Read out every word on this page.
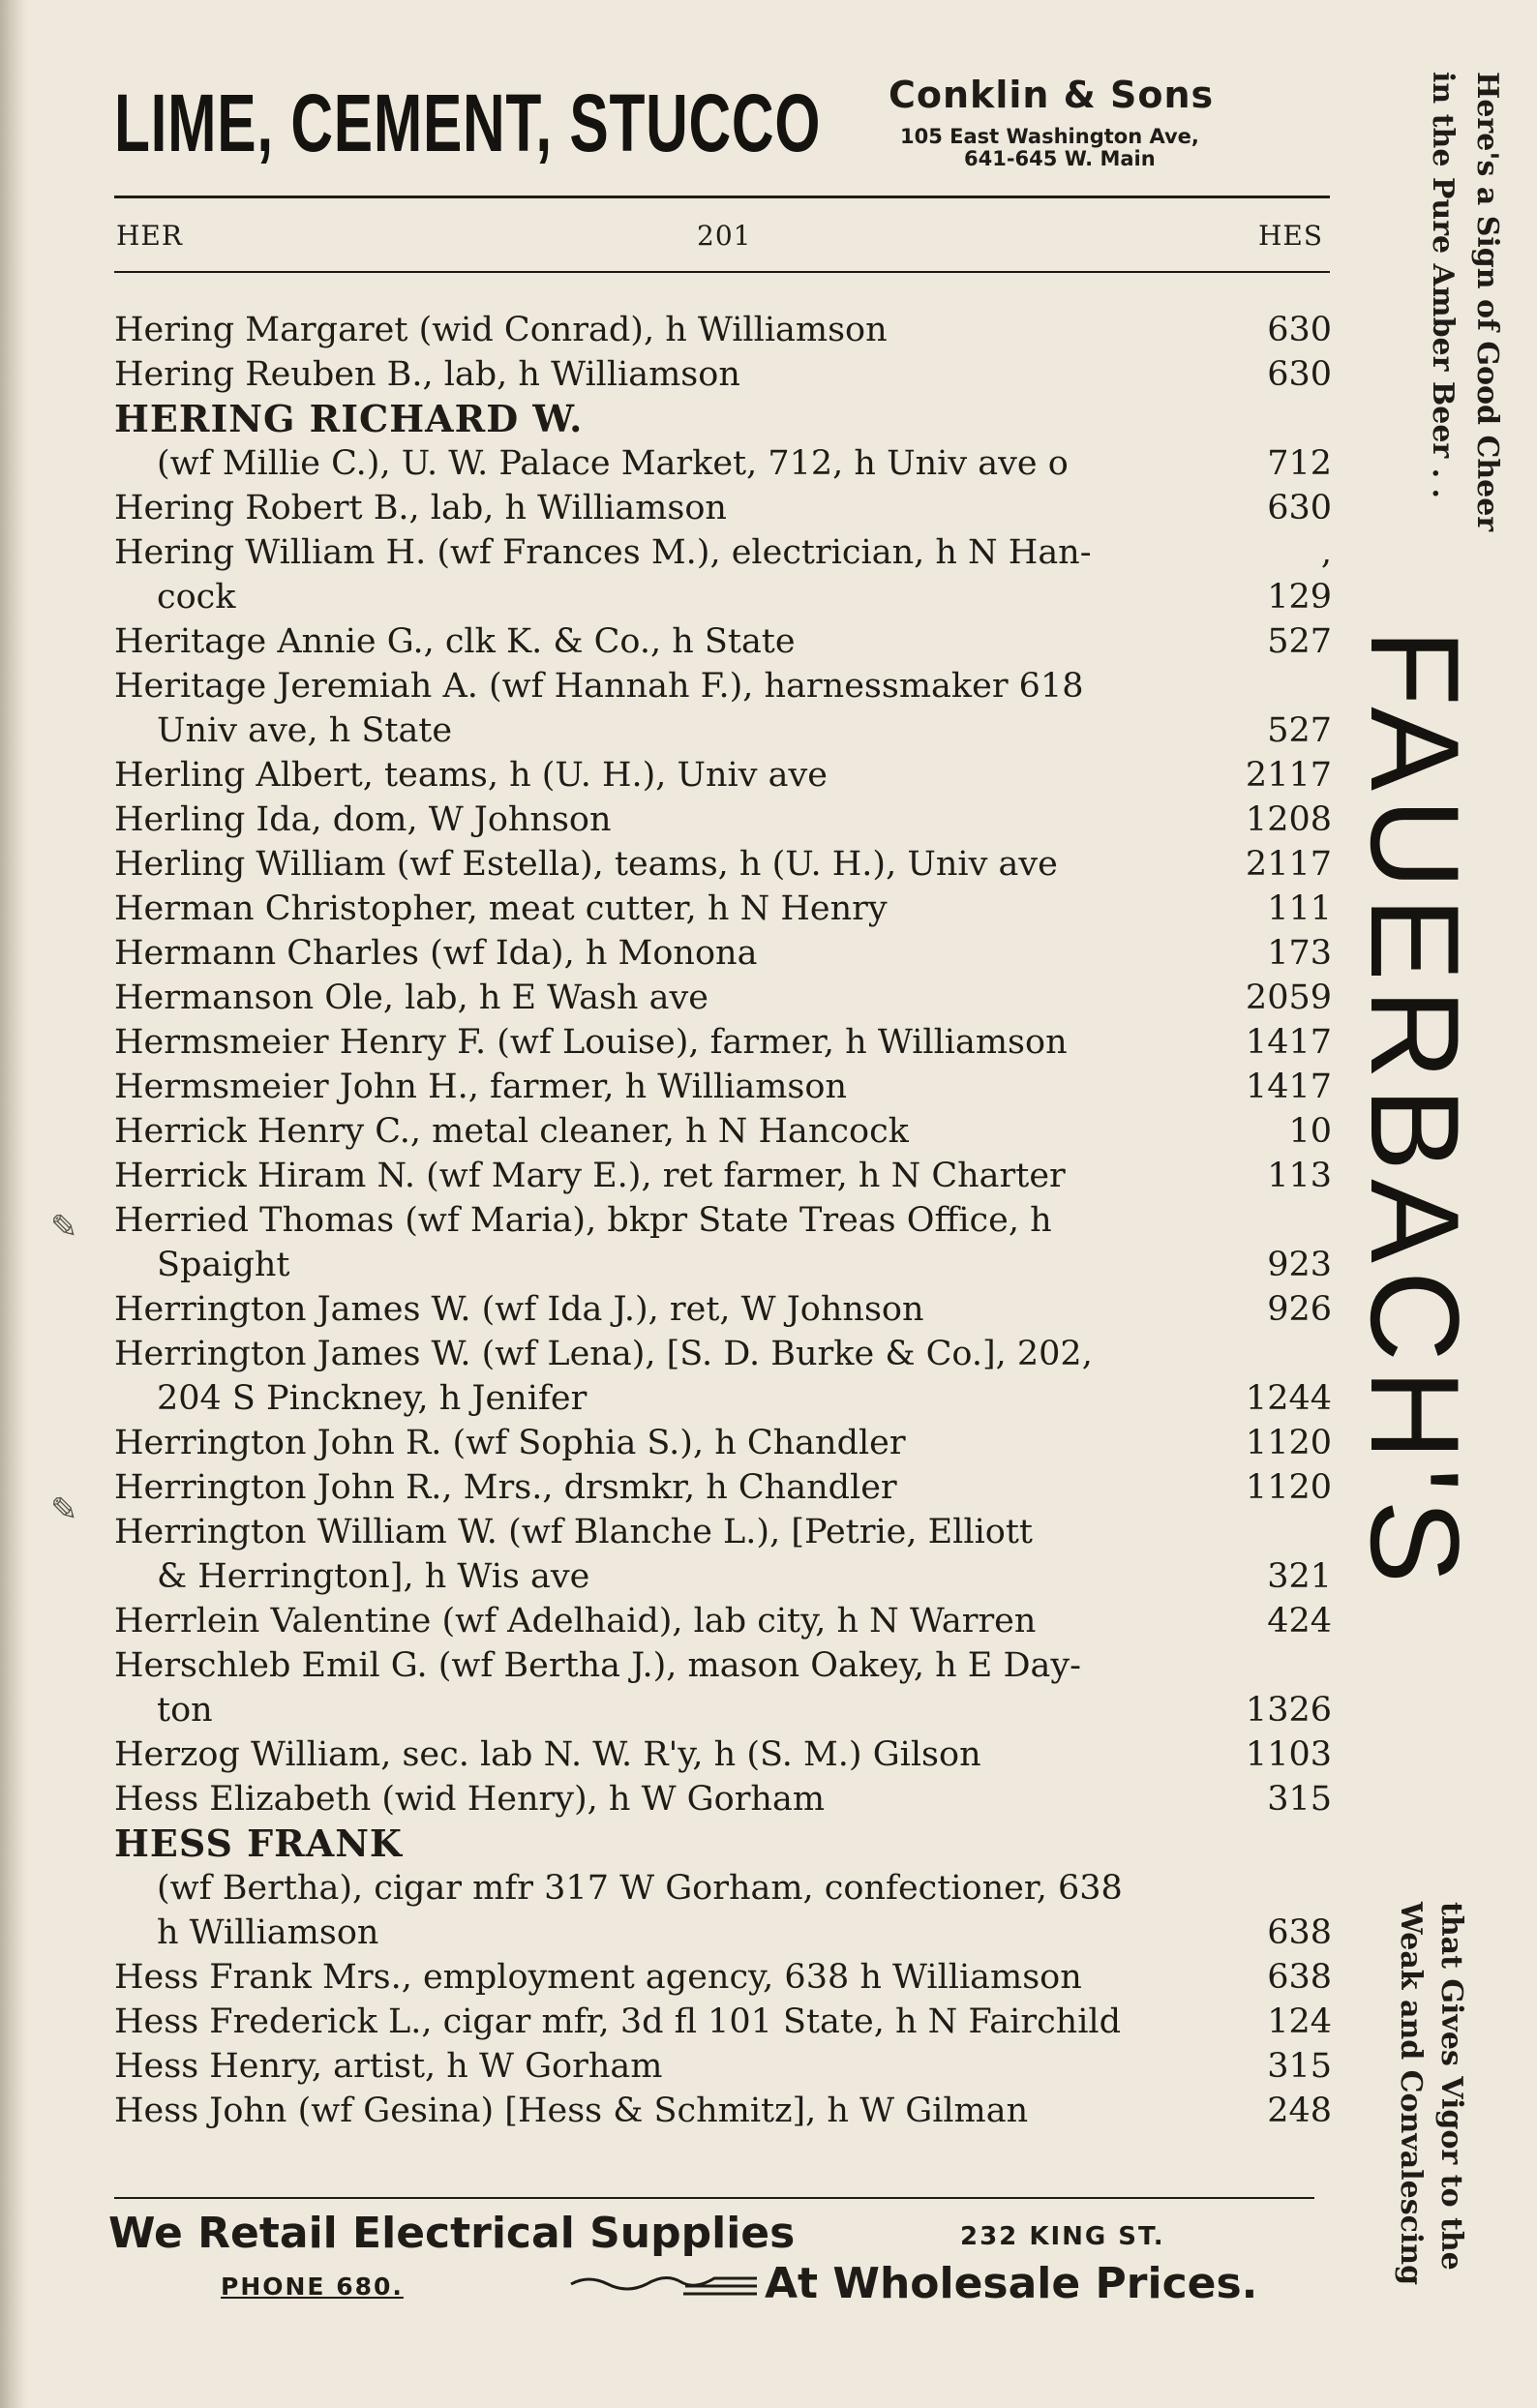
LIME, CEMENT, STUCCO Conklin & Sons
105 East Washington Ave,
641-645 W. Main
HER	201	HES
Hering Margaret (wid Conrad), h Williamson	630
Hering Reuben B., lab, h Williamson	630
HERING RICHARD W.
(wf Millie C.), U. W. Palace Market, 712, h Univ ave o	712
Hering Robert B., lab, h Williamson	630
Hering William H. (wf Frances M.), electrician, h N Han-	,
cock	129
Heritage Annie G., clk K. & Co., h State	527
Heritage Jeremiah A. (wf Hannah F.), harnessmaker 618
Univ ave, h State	527
Herling Albert, teams, h (U. H.), Univ ave	2117
Herling Ida, dom, W Johnson	1208
Herling William (wf Estella), teams, h (U. H.), Univ ave	2117
Herman Christopher, meat cutter, h N Henry	111
Hermann Charles (wf Ida), h Monona	173
Hermanson Ole, lab, h E Wash ave	2059
Hermsmeier Henry F. (wf Louise), farmer, h Williamson	1417
Hermsmeier John H., farmer, h Williamson	1417
Herrick Henry C., metal cleaner, h N Hancock	10
Herrick Hiram N. (wf Mary E.), ret farmer, h N Charter	113
Herried Thomas (wf Maria), bkpr State Treas Office, h
Spaight	923
Herrington James W. (wf Ida J.), ret, W Johnson	926
Herrington James W. (wf Lena), [S. D. Burke & Co.], 202,
204 S Pinckney, h Jenifer	1244
Herrington John R. (wf Sophia S.), h Chandler	1120
Herrington John R., Mrs., drsmkr, h Chandler	1120
Herrington William W. (wf Blanche L.), [Petrie, Elliott
& Herrington], h Wis ave	321
Herrlein Valentine (wf Adelhaid), lab city, h N Warren	424
Herschleb Emil G. (wf Bertha J.), mason Oakey, h E Day-
ton	1326
Herzog William, sec. lab N. W. R'y, h (S. M.) Gilson	1103
Hess Elizabeth (wid Henry), h W Gorham	315
HESS FRANK
(wf Bertha), cigar mfr 317 W Gorham, confectioner, 638
h Williamson	638
Hess Frank Mrs., employment agency, 638 h Williamson	638
Hess Frederick L., cigar mfr, 3d fl 101 State, h N Fairchild	124
Hess Henry, artist, h W Gorham	315
Hess John (wf Gesina) [Hess & Schmitz], h W Gilman	248
✎
✎
Here's a Sign of Good Cheer
in the Pure Amber Beer . .
FAUERBACH'S
that Gives Vigor to the
Weak and Convalescing
We Retail Electrical Supplies	232 KING ST.
PHONE 680.	At Wholesale Prices.
